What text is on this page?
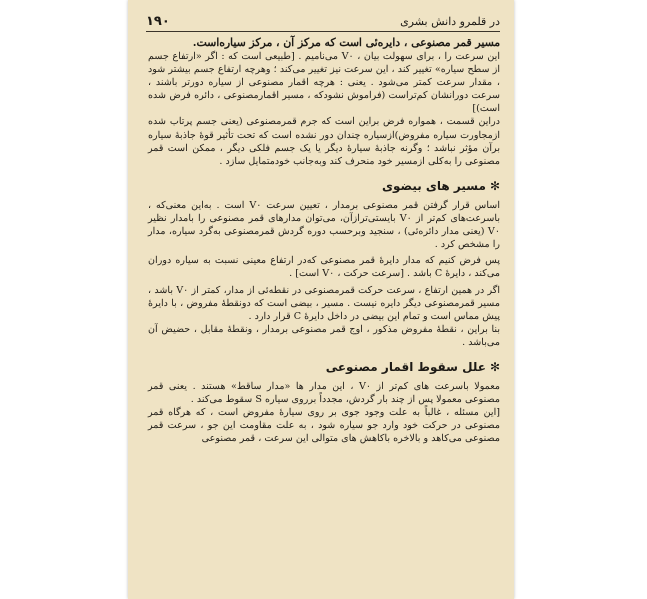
۱۹۰	در قلمرو دانش بشری

مسیر قمر مصنوعی ، دایره‌ئی است که مرکز آن ، مرکز سیاره‌است.

این سرعت را ، برای سهولت بیان ، V۰ می‌نامیم . [طبیعی است که : اگر «ارتفاع جسم از سطح سیاره» تغییر کند ، این سرعت نیز تغییر می‌کند ؛ وهرچه ارتفاع جسم بیشتر شود ، مقدار سرعت کمتر می‌شود . یعنی : هرچه اقمار مصنوعی از سیاره دورتر باشند ، سرعت دورانشان کم‌تراست (فراموش نشودکه ، مسیر اقمارمصنوعی ، دائره فرض شده است)]

دراین قسمت ، همواره فرض براین است که جرم قمرمصنوعی (یعنی جسم پرتاب شده ازمجاورت سیاره مفروض)ازسیاره چندان دور نشده است که تحت تأثیر قوۀ جاذبۀ سیاره برآن مؤثر نباشد ؛ وگرنه جاذبۀ سیارۀ دیگر یا یک جسم فلکی دیگر ، ممکن است قمر مصنوعی را به‌کلی ازمسیر خود منحرف کند وبه‌جانب خودمتمایل سازد .

✻مسیر های بیضوی

اساس قرار گرفتن قمر مصنوعی برمدار ، تعیین سرعت V۰ است . به‌این معنی‌که ، باسرعت‌های کم‌تر از V۰ بایستی‌ترازآن، می‌توان مدارهای قمر مصنوعی را بامدار نظیر V۰ (یعنی مدار دائره‌ئی) ، سنجید وبرحسب دوره گردش قمرمصنوعی به‌گرد سیاره، مدار را مشخص کرد .

پس فرض کنیم که مدار دایرۀ قمر مصنوعی که‌در ارتفاع معینی نسبت به سیاره دوران می‌کند ، دایرۀ C باشد . [سرعت حرکت ، V۰ است] .

اگر در همین ارتفاع ، سرعت حرکت قمرمصنوعی در نقطه‌ئی از مدار، کمتر از V۰ باشد ، مسیر قمرمصنوعی دیگر دایره نیست . مسیر ، بیضی است که دونقطۀ مفروض ، با دایرۀ پیش مماس است و تمام این بیضی در داخل دایرۀ C قرار دارد .

بنا براین ، نقطۀ مفروض مذکور ، اوج قمر مصنوعی برمدار ، ونقطۀ مقابل ، حضیض آن می‌باشد .

✻علل سقوط اقمار مصنوعی

معمولا باسرعت های کم‌تر از V۰ ، این مدار ها «مدار ساقط» هستند . یعنی قمر مصنوعی معمولا پس از چند بار گردش، مجدداً برروی سیاره S سقوط می‌کند .

[این مسئله ، غالباً به علت وجود جوی بر روی سیارۀ مفروض است ، که هرگاه قمر مصنوعی در حرکت خود وارد جو سیاره شود ، به علت مقاومت این جو ، سرعت قمر مصنوعی می‌کاهد و بالاخره باکاهش های متوالی این سرعت ، قمر مصنوعی
